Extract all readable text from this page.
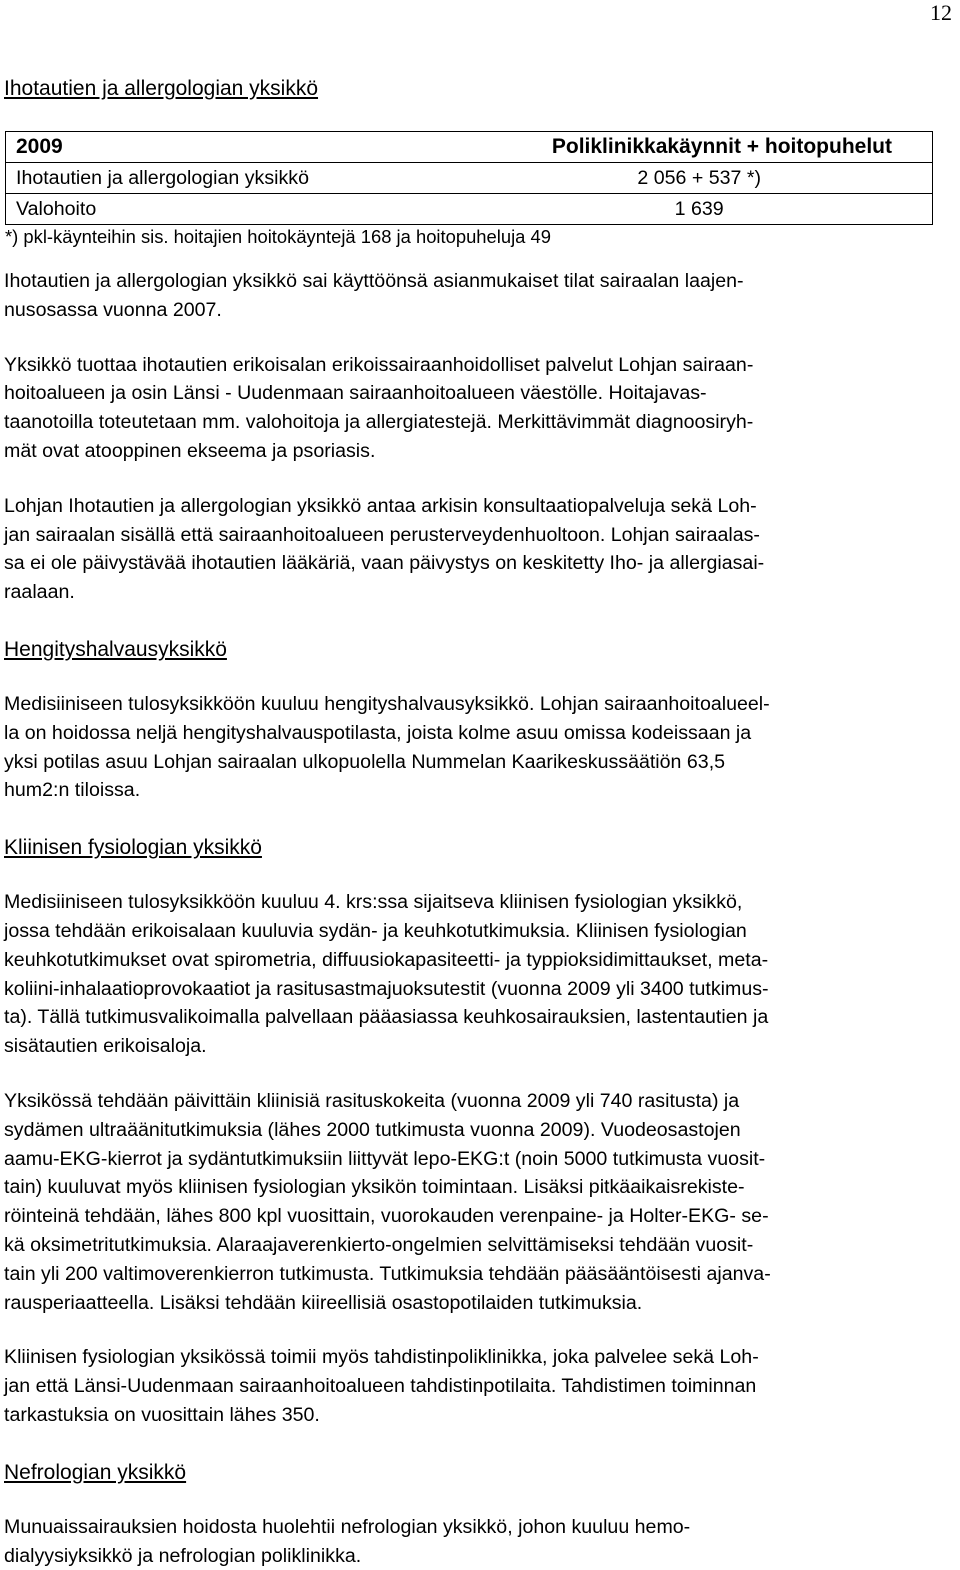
12

Ihotautien ja allergologian yksikkö

2009	Poliklinikkakäynnit + hoitopuhelut
Ihotautien ja allergologian yksikkö	2 056 + 537 *)
Valohoito	1 639

*) pkl-käynteihin sis. hoitajien hoitokäyntejä 168 ja hoitopuheluja 49

Ihotautien ja allergologian yksikkö sai käyttöönsä asianmukaiset tilat sairaalan laajen-
nusosassa vuonna 2007.

Yksikkö tuottaa ihotautien erikoisalan erikoissairaanhoidolliset palvelut Lohjan sairaan-
hoitoalueen ja osin Länsi - Uudenmaan sairaanhoitoalueen väestölle. Hoitajavas-
taanotoilla toteutetaan mm. valohoitoja ja allergiatestejä. Merkittävimmät diagnoosiryh-
mät ovat atooppinen ekseema ja psoriasis.

Lohjan Ihotautien ja allergologian yksikkö antaa arkisin konsultaatiopalveluja sekä Loh-
jan sairaalan sisällä että sairaanhoitoalueen perusterveydenhuoltoon. Lohjan sairaalas-
sa ei ole päivystävää ihotautien lääkäriä, vaan päivystys on keskitetty Iho- ja allergiasai-
raalaan.

Hengityshalvausyksikkö

Medisiiniseen tulosyksikköön kuuluu hengityshalvausyksikkö. Lohjan sairaanhoitoalueel-
la on hoidossa neljä hengityshalvauspotilasta, joista kolme asuu omissa kodeissaan ja
yksi potilas asuu Lohjan sairaalan ulkopuolella Nummelan Kaarikeskussäätiön 63,5
hum2:n tiloissa.

Kliinisen fysiologian yksikkö

Medisiiniseen tulosyksikköön kuuluu 4. krs:ssa sijaitseva kliinisen fysiologian yksikkö,
jossa tehdään erikoisalaan kuuluvia sydän- ja keuhkotutkimuksia. Kliinisen fysiologian
keuhkotutkimukset ovat spirometria, diffuusiokapasiteetti- ja typpioksidimittaukset, meta-
koliini-inhalaatioprovokaatiot ja rasitusastmajuoksutestit (vuonna 2009 yli 3400 tutkimus-
ta). Tällä tutkimusvalikoimalla palvellaan pääasiassa keuhkosairauksien, lastentautien ja
sisätautien erikoisaloja.

Yksikössä tehdään päivittäin kliinisiä rasituskokeita (vuonna 2009 yli 740 rasitusta) ja
sydämen ultraäänitutkimuksia (lähes 2000 tutkimusta vuonna 2009). Vuodeosastojen
aamu-EKG-kierrot ja sydäntutkimuksiin liittyvät lepo-EKG:t (noin 5000 tutkimusta vuosit-
tain) kuuluvat myös kliinisen fysiologian yksikön toimintaan. Lisäksi pitkäaikaisrekiste-
röinteinä tehdään, lähes 800 kpl vuosittain, vuorokauden verenpaine- ja Holter-EKG- se-
kä oksimetritutkimuksia. Alaraajaverenkierto-ongelmien selvittämiseksi tehdään vuosit-
tain yli 200 valtimoverenkierron tutkimusta. Tutkimuksia tehdään pääsääntöisesti ajanva-
rausperiaatteella. Lisäksi tehdään kiireellisiä osastopotilaiden tutkimuksia.

Kliinisen fysiologian yksikössä toimii myös tahdistinpoliklinikka, joka palvelee sekä Loh-
jan että Länsi-Uudenmaan sairaanhoitoalueen tahdistinpotilaita. Tahdistimen toiminnan
tarkastuksia on vuosittain lähes 350.

Nefrologian yksikkö

Munuaissairauksien hoidosta huolehtii nefrologian yksikkö, johon kuuluu hemo-
dialyysiyksikkö ja nefrologian poliklinikka.
